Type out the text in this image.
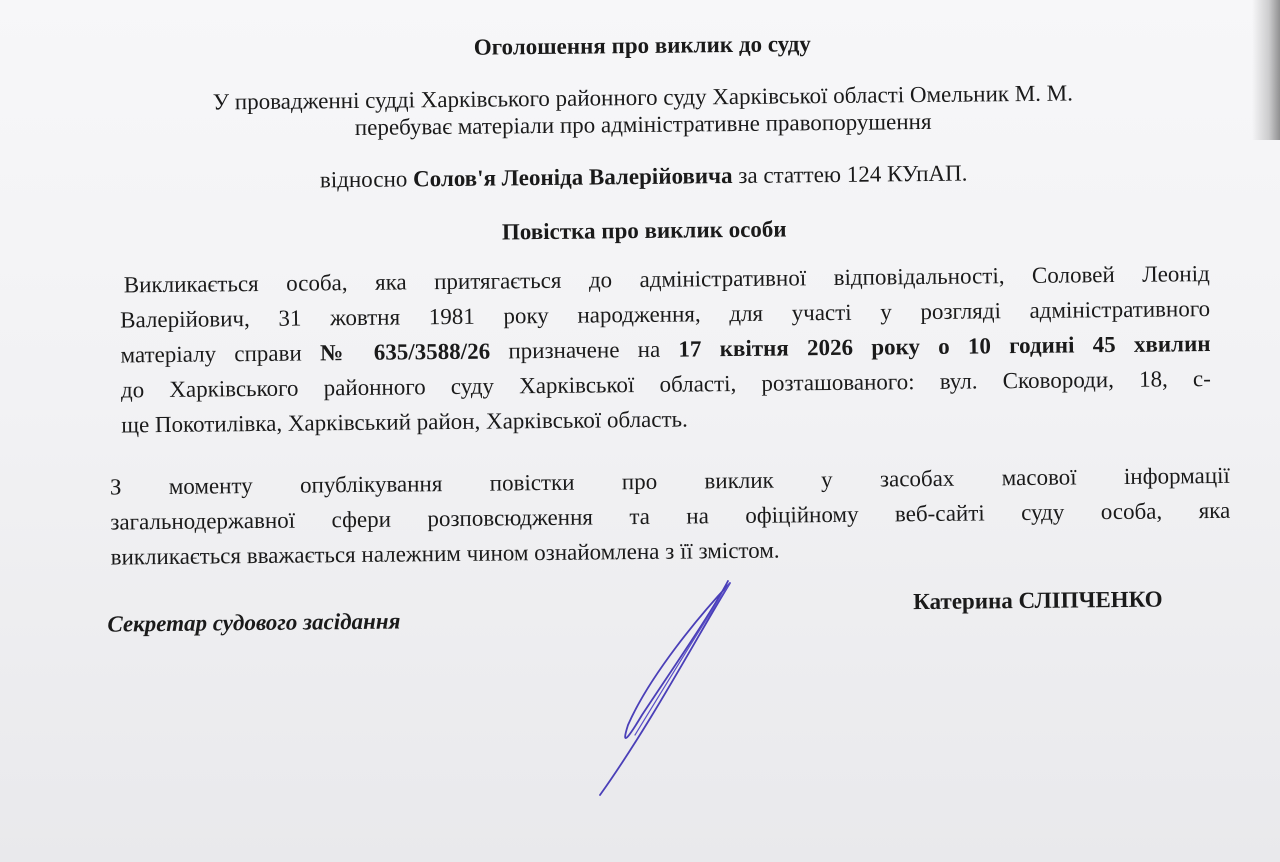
Оголошення про виклик до суду
У провадженні судді Харківського районного суду Харківської області Омельник М. М.
перебуває матеріали про адміністративне правопорушення
відносно Солов'я Леоніда Валерійовича за статтею 124 КУпАП.
Повістка про виклик особи
Викликається особа, яка притягається до адміністративної відповідальності, Соловей Леонід
Валерійович, 31 жовтня 1981 року народження, для участі у розгляді адміністративного
матеріалу справи № 635/3588/26 призначене на 17 квітня 2026 року о 10 годині 45 хвилин
до Харківського районного суду Харківської області, розташованого: вул. Сковороди, 18, с-
ще Покотилівка, Харківський район, Харківської область.
З моменту опублікування повістки про виклик у засобах масової інформації
загальнодержавної сфери розповсюдження та на офіційному веб-сайті суду особа, яка
викликається вважається належним чином ознайомлена з її змістом.
Секретар судового засідання
Катерина СЛІПЧЕНКО
